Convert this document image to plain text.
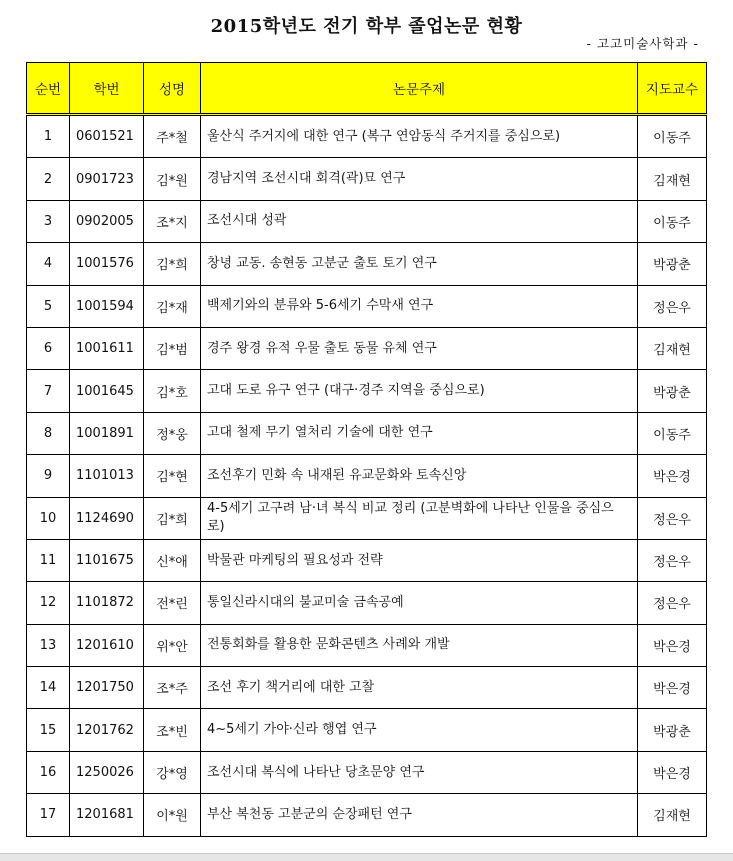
2015학년도 전기 학부 졸업논문 현황
- 고고미술사학과 -
순번	학번	성명	논문주제	지도교수
1	0601521	주*철	울산식 주거지에 대한 연구 (복구 연암동식 주거지를 중심으로)	이동주
2	0901723	김*원	경남지역 조선시대 회격(곽)묘 연구	김재현
3	0902005	조*지	조선시대 성곽	이동주
4	1001576	김*희	창녕 교동. 송현동 고분군 출토 토기 연구	박광춘
5	1001594	김*재	백제기와의 분류와 5-6세기 수막새 연구	정은우
6	1001611	김*범	경주 왕경 유적 우물 출토 동물 유체 연구	김재현
7	1001645	김*호	고대 도로 유구 연구 (대구·경주 지역을 중심으로)	박광춘
8	1001891	정*웅	고대 철제 무기 열처리 기술에 대한 연구	이동주
9	1101013	김*현	조선후기 민화 속 내재된 유교문화와 토속신앙	박은경
10	1124690	김*희	4-5세기 고구려 남·녀 복식 비교 정리 (고분벽화에 나타난 인물을 중심으로)	정은우
11	1101675	신*애	박물관 마케팅의 필요성과 전략	정은우
12	1101872	전*린	통일신라시대의 불교미술 금속공예	정은우
13	1201610	위*안	전통회화를 활용한 문화콘텐츠 사례와 개발	박은경
14	1201750	조*주	조선 후기 책거리에 대한 고찰	박은경
15	1201762	조*빈	4~5세기 가야·신라 행엽 연구	박광춘
16	1250026	강*영	조선시대 복식에 나타난 당초문양 연구	박은경
17	1201681	이*원	부산 복천동 고분군의 순장패턴 연구	김재현
